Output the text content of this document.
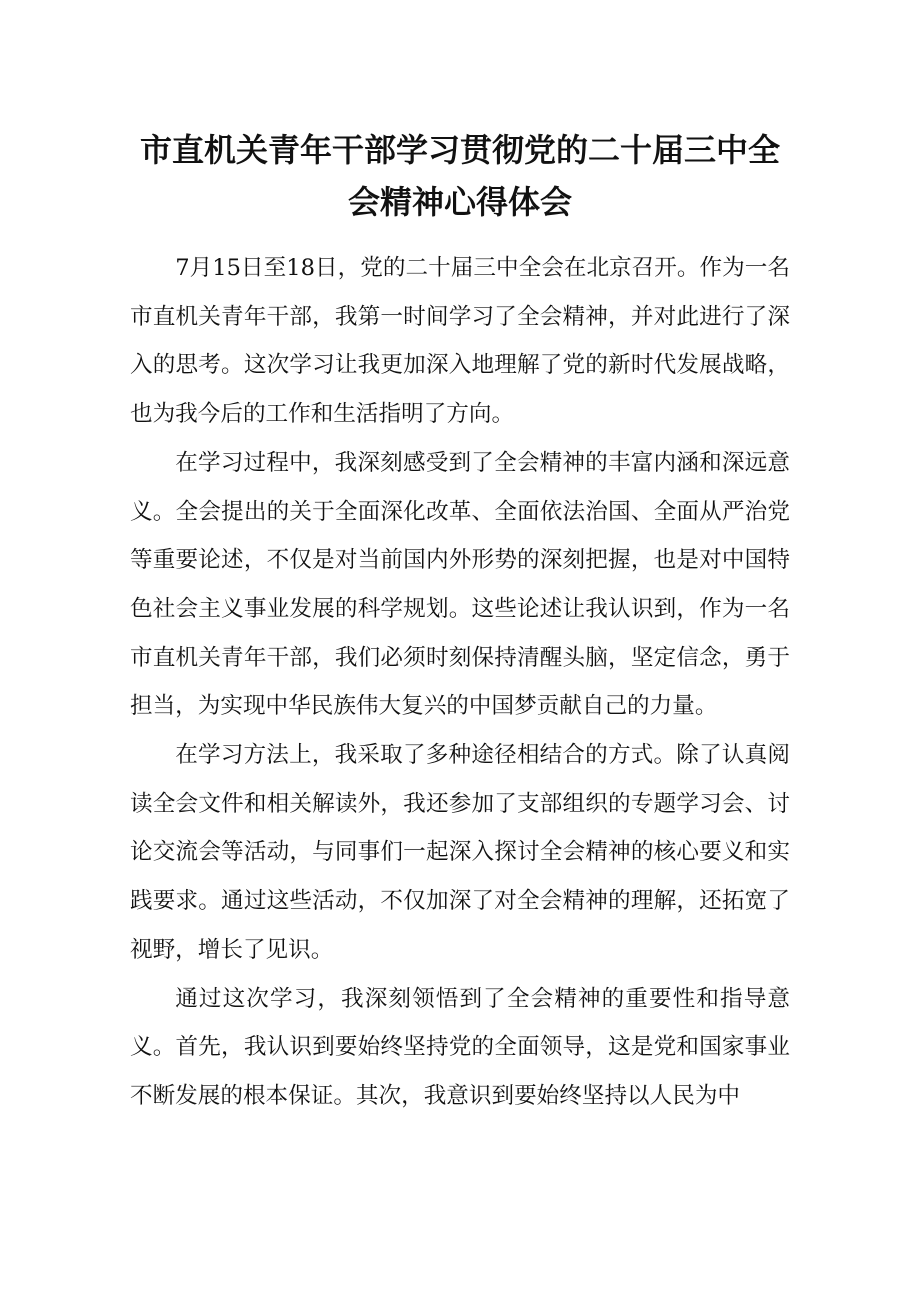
市直机关青年干部学习贯彻党的二十届三中全
会精神心得体会

7月15日至18日，党的二十届三中全会在北京召开。作为一名市直机关青年干部，我第一时间学习了全会精神，并对此进行了深入的思考。这次学习让我更加深入地理解了党的新时代发展战略，也为我今后的工作和生活指明了方向。

在学习过程中，我深刻感受到了全会精神的丰富内涵和深远意义。全会提出的关于全面深化改革、全面依法治国、全面从严治党等重要论述，不仅是对当前国内外形势的深刻把握，也是对中国特色社会主义事业发展的科学规划。这些论述让我认识到，作为一名市直机关青年干部，我们必须时刻保持清醒头脑，坚定信念，勇于担当，为实现中华民族伟大复兴的中国梦贡献自己的力量。

在学习方法上，我采取了多种途径相结合的方式。除了认真阅读全会文件和相关解读外，我还参加了支部组织的专题学习会、讨论交流会等活动，与同事们一起深入探讨全会精神的核心要义和实践要求。通过这些活动，不仅加深了对全会精神的理解，还拓宽了视野，增长了见识。

通过这次学习，我深刻领悟到了全会精神的重要性和指导意义。首先，我认识到要始终坚持党的全面领导，这是党和国家事业不断发展的根本保证。其次，我意识到要始终坚持以人民为中
